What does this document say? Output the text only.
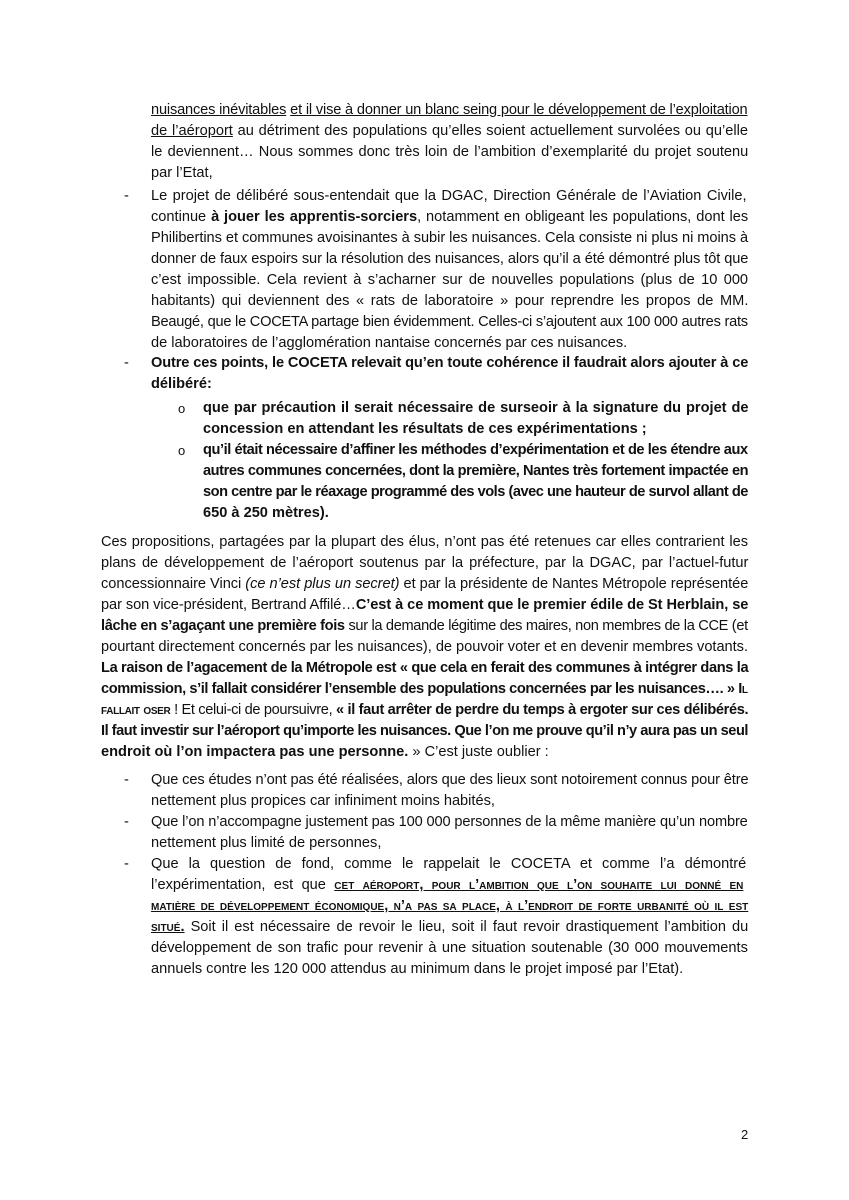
nuisances inévitables et il vise à donner un blanc seing pour le développement de l’exploitation
de l’aéroport au détriment des populations qu’elles soient actuellement survolées ou qu’elle
le deviennent… Nous sommes donc très loin de l’ambition d’exemplarité du projet soutenu
par l’Etat,
Le projet de délibéré sous-entendait que la DGAC, Direction Générale de l’Aviation Civile,
continue à jouer les apprentis-sorciers, notamment en obligeant les populations, dont les
Philibertins et communes avoisinantes à subir les nuisances. Cela consiste ni plus ni moins à
donner de faux espoirs sur la résolution des nuisances, alors qu’il a été démontré plus tôt que
c’est impossible. Cela revient à s’acharner sur de nouvelles populations (plus de 10 000
habitants) qui deviennent des « rats de laboratoire » pour reprendre les propos de MM.
Beaugé, que le COCETA partage bien évidemment. Celles-ci s’ajoutent aux 100 000 autres rats
de laboratoires de l’agglomération nantaise concernés par ces nuisances.
Outre ces points, le COCETA relevait qu’en toute cohérence il faudrait alors ajouter à ce
délibéré:
que par précaution il serait nécessaire de surseoir à la signature du projet de
concession en attendant les résultats de ces expérimentations ;
qu’il était nécessaire d’affiner les méthodes d’expérimentation et de les étendre aux
autres communes concernées, dont la première, Nantes très fortement impactée en
son centre par le réaxage programmé des vols (avec une hauteur de survol allant de
650 à 250 mètres).
Ces propositions, partagées par la plupart des élus, n’ont pas été retenues car elles contrarient les
plans de développement de l’aéroport soutenus par la préfecture, par la DGAC, par l’actuel-futur
concessionnaire Vinci (ce n’est plus un secret) et par la présidente de Nantes Métropole représentée
par son vice-président, Bertrand Affilé…C’est à ce moment que le premier édile de St Herblain, se
lâche en s’agaçant une première fois sur la demande légitime des maires, non membres de la CCE (et
pourtant directement concernés par les nuisances), de pouvoir voter et en devenir membres votants.
La raison de l’agacement de la Métropole est « que cela en ferait des communes à intégrer dans la
commission, s’il fallait considérer l’ensemble des populations concernées par les nuisances…. » Il
fallait oser ! Et celui-ci de poursuivre, « il faut arrêter de perdre du temps à ergoter sur ces délibérés.
Il faut investir sur l’aéroport qu’importe les nuisances. Que l’on me prouve qu’il n’y aura pas un seul
endroit où l’on impactera pas une personne. » C’est juste oublier :
Que ces études n’ont pas été réalisées, alors que des lieux sont notoirement connus pour être
nettement plus propices car infiniment moins habités,
Que l’on n’accompagne justement pas 100 000 personnes de la même manière qu’un nombre
nettement plus limité de personnes,
Que la question de fond, comme le rappelait le COCETA et comme l’a démontré
l’expérimentation, est que cet aéroport, pour l’ambition que l’on souhaite lui donné en
matière de développement économique, n’a pas sa place, à l’endroit de forte urbanité où il est
situé. Soit il est nécessaire de revoir le lieu, soit il faut revoir drastiquement l’ambition du
développement de son trafic pour revenir à une situation soutenable (30 000 mouvements
annuels contre les 120 000 attendus au minimum dans le projet imposé par l’Etat).
-
-
o
o
-
-
-
2
